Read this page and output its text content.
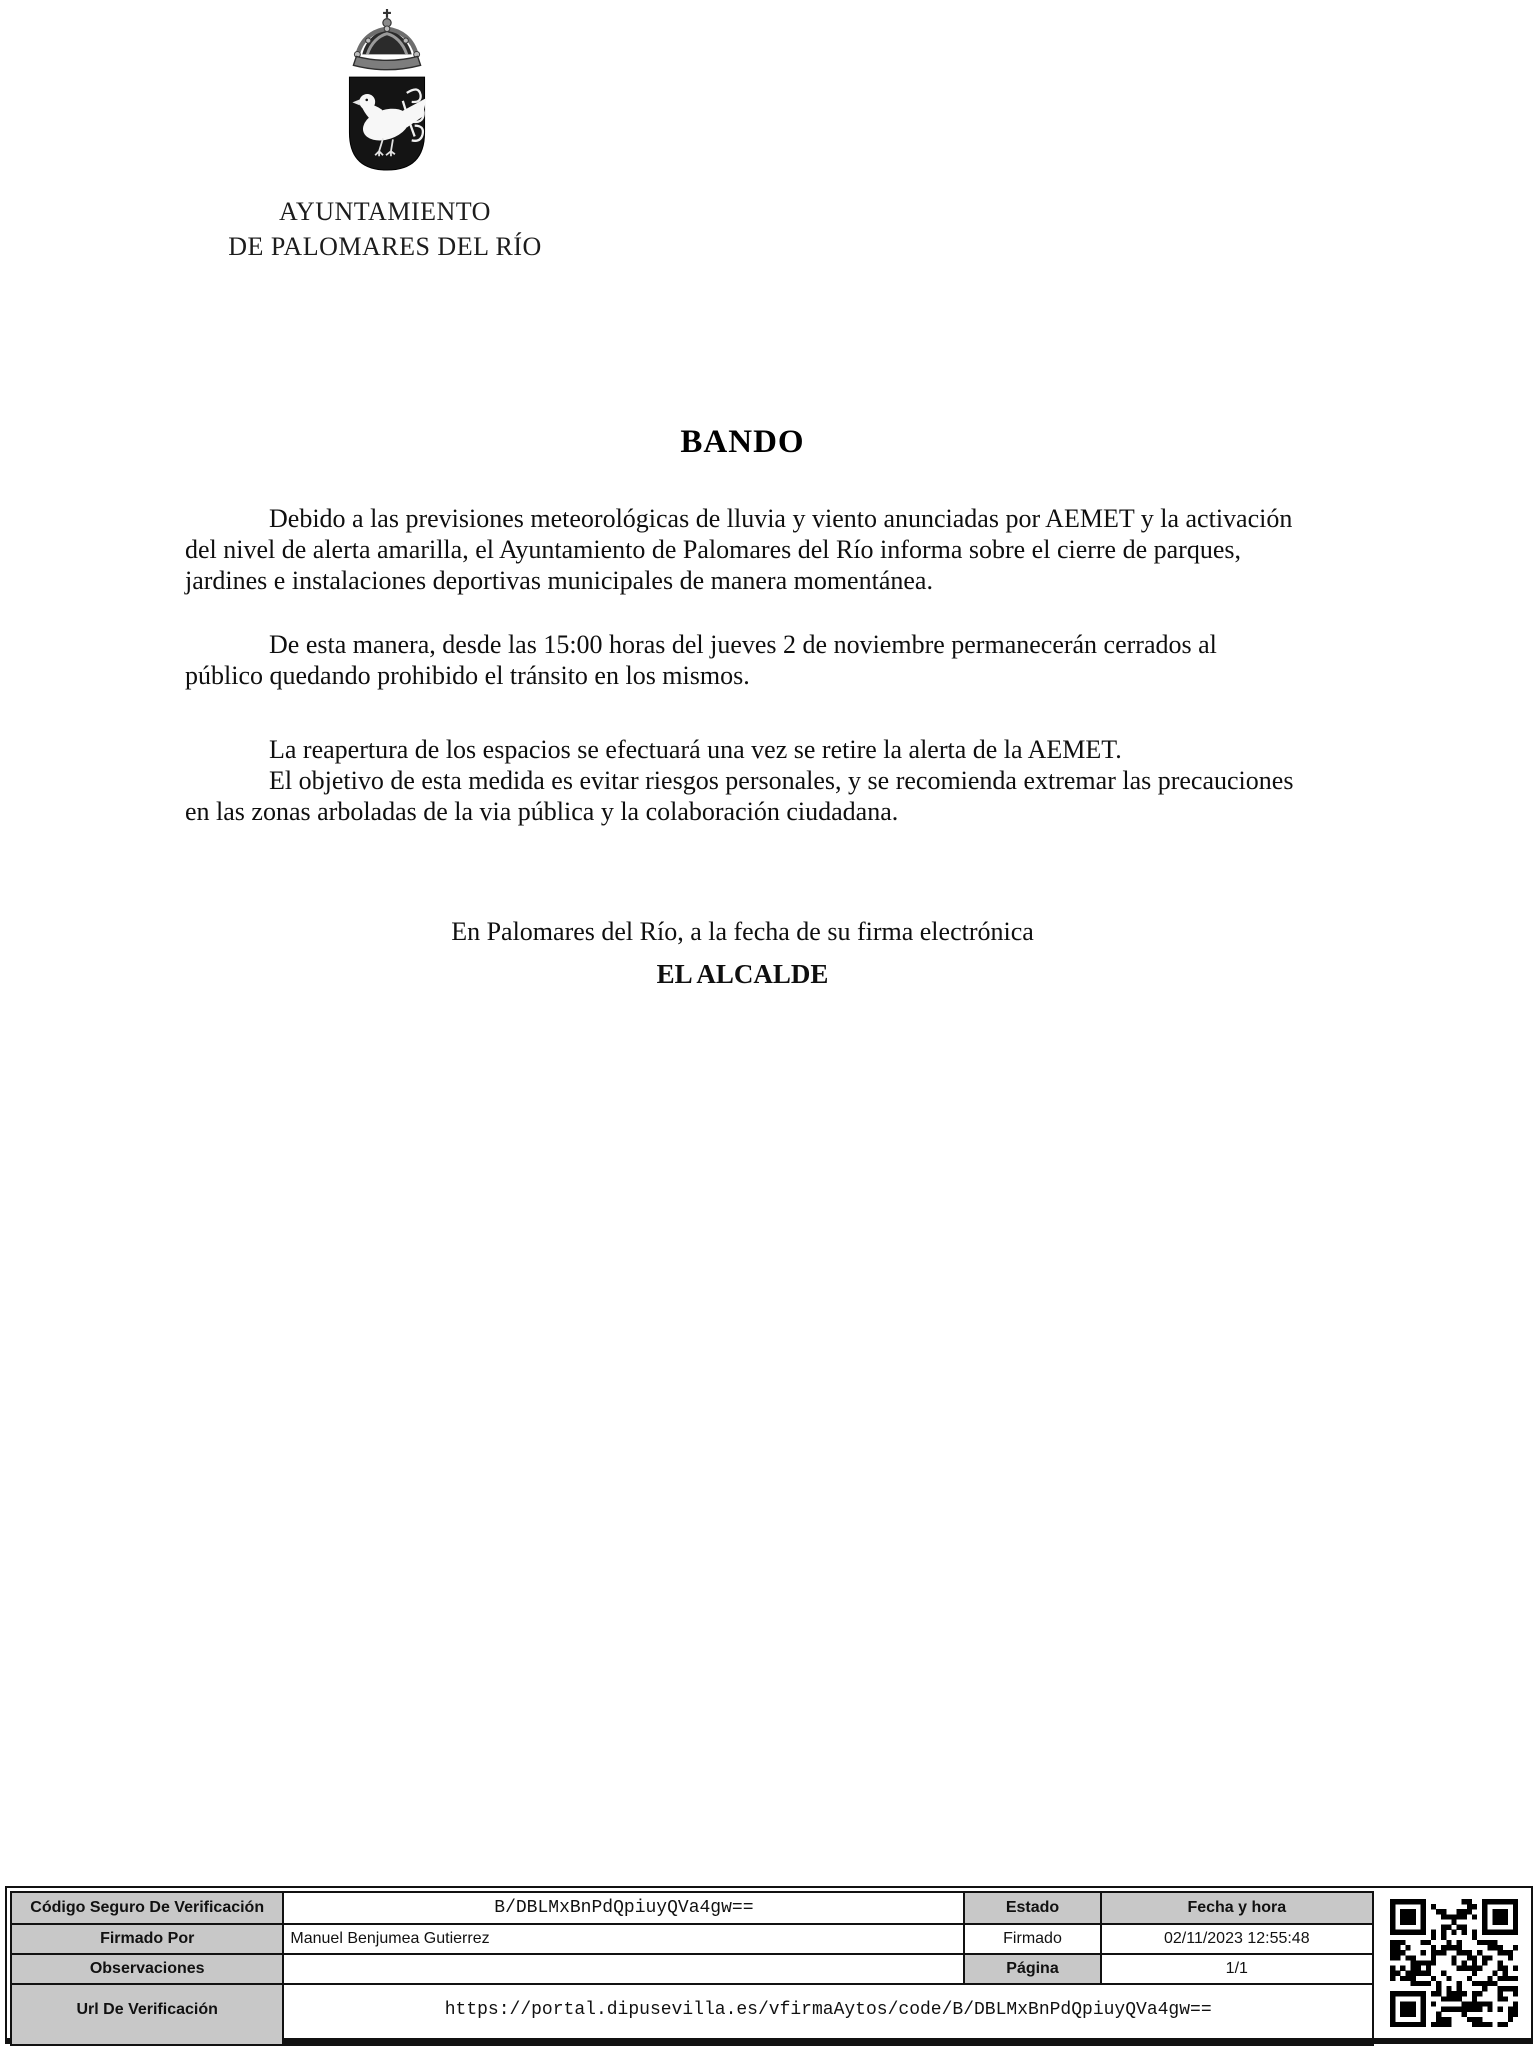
AYUNTAMIENTO
DE PALOMARES DEL RÍO
BANDO

Debido a las previsiones meteorológicas de lluvia y viento anunciadas por AEMET y la activación del nivel de alerta amarilla, el Ayuntamiento de Palomares del Río informa sobre el cierre de parques, jardines e instalaciones deportivas municipales de manera momentánea.

De esta manera, desde las 15:00 horas del jueves 2 de noviembre permanecerán cerrados al público quedando prohibido el tránsito en los mismos.

La reapertura de los espacios se efectuará una vez se retire la alerta de la AEMET.

El objetivo de esta medida es evitar riesgos personales, y se recomienda extremar las precauciones en las zonas arboladas de la via pública y la colaboración ciudadana.

En Palomares del Río, a la fecha de su firma electrónica
EL ALCALDE
Código Seguro De Verificación	B/DBLMxBnPdQpiuyQVa4gw==	Estado	Fecha y hora
Firmado Por	Manuel Benjumea Gutierrez	Firmado	02/11/2023 12:55:48
Observaciones		Página	1/1
Url De Verificación	https://portal.dipusevilla.es/vfirmaAytos/code/B/DBLMxBnPdQpiuyQVa4gw==		
